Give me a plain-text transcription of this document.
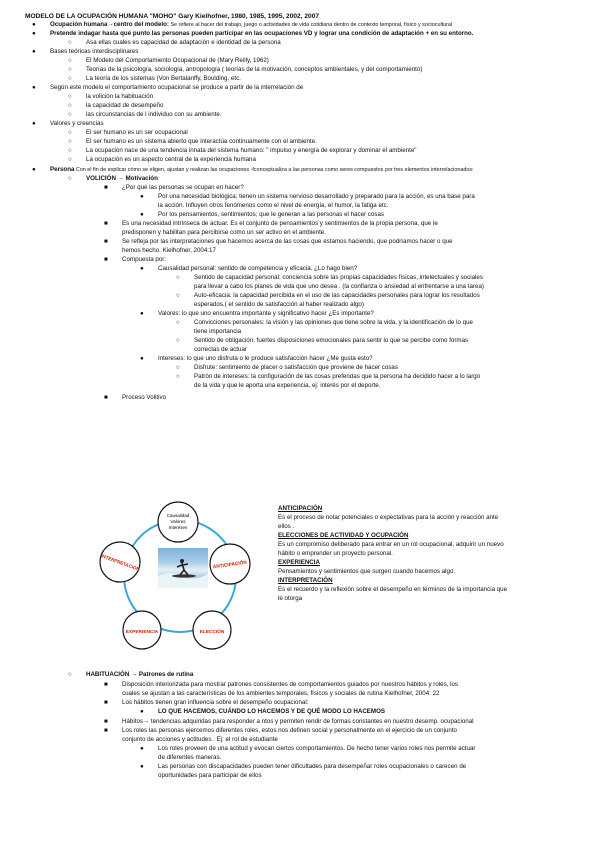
MODELO DE LA OCUPACIÓN HUMANA "MOHO" Gary Kielhofner, 1980, 1985, 1995, 2002, 2007
● Ocupación humana→centro del modelo: Se refiere al hacer del trabajo, juego o actividades de vida cotidiana dentro de contexto temporal, físico y sociocultural
● Pretende indagar hasta qué punto las personas pueden participar en las ocupaciones VD y lograr una condición de adaptación + en su entorno.
○ Asa ellas cuales es capacidad de adaptación e identidad de la persona
● Bases teóricas interdisciplinares
○ El Modelo del Comportamiento Ocupacional de (Mary Reilly, 1962)
○ Teorías de la psicología, sociología, antropología ( teorías de la motivación, conceptos ambientales, y del comportamiento)
○ La teoría de los sistemas (Von Bertalanffy, Boulding, etc.
● Según este modelo el comportamiento ocupacional se produce a partir de la interrelación de
○ la volición la habituación
○ la capacidad de desempeño
○ las circunstancias de l individuo con su ambiente.
● Valores y creencias
○ El ser humano es un ser ocupacional
○ El ser humano es un sistema abierto que interactúa continuamente con el ambiente.
○ La ocupación nace de una tendencia innata del sistema humano: " impulso y energía de explorar y dominar el ambiente"
○ La ocupación es un aspecto central de la experiencia humana
● Persona Con el fin de explicar cómo se eligen, ajustan y realizan las ocupaciones -fconceptualiza a las personas como seres compuestos por tres elementos interrelacionados:
○ VOLICIÓN → Motivación
■ ¿Por qué las personas se ocupan en hacer?
● Por una necesidad biológica; tienen un sistema nervioso desarrollado y preparado para la acción, es una base para
la acción. Influyen otros fenómenos como el nivel de energía, el humor, la fatiga etc.
● Por los pensamientos, sentimientos; que le generan a las personas el hacer cosas
■ Es una necesidad intrínseca de actuar. Es el conjunto de pensamientos y sentimientos de la propia persona, que le
predisponen y habilitan para percibirse como un ser activo en el ambiente.
■ Se refleja por las interpretaciones que hacemos acerca de las cosas que estamos haciendo, que podríamos hacer o que
hemos hecho. Kielhofner, 2004:17
■ Compuesta por:
● Causalidad personal: sentido de competencia y eficacia. ¿Lo hago bien?
○ Sentido de capacidad personal: conciencia sobre las propias capacidades físicas, intelectuales y sociales
para llevar a cabo los planes de vida que uno desea . (la confianza o ansiedad al enfrentarse a una tarea)
○ Auto-eficacia: la capacidad percibida en el uso de las capacidades personales para lograr los resultados
esperados.( el sentido de satisfacción al haber realizado algo)
● Valores: lo que uno encuentra importante y significativo hacer ¿Es importante?
○ Convicciones personales: la visión y las opiniones que tiene sobre la vida, y la identificación de lo que
tiene importancia
○ Sentido de obligación: fuertes disposiciones emocionales para sentir lo que se percibe como formas
correctas de actuar
● Intereses: lo que uno disfruta o le produce satisfacción hacer ¿Me gusta esto?
○ Disfrute: sentimiento de placer o satisfacción que proviene de hacer cosas
○ Patrón de intereses: la configuración de las cosas preferidas que la persona ha decidido hacer a lo largo
de la vida y que le aporta una experiencia, ej: interés por el deporte.
■ Proceso Volitivo
Causalidad
Valores
Intereses
ANTICIPACIÓN
ELECCIÓN
EXPERIENCIA
INTERPRETACIÓN
ANTICIPACIÓN
Es el proceso de notar potenciales o expectativas para la acción y reacción ante
ellos .
ELECCIONES DE ACTIVIDAD Y OCUPACIÓN
Es un compromiso deliberado para entrar en un rol ocupacional, adquirir un nuevo
hábito o emprender un proyecto personal.
EXPERIENCIA
Pensamientos y sentimientos que surgen cuando hacemos algo.
INTERPRETACIÓN
Es el recuerdo y la reflexión sobre el desempeño en términos de la importancia que
le otorga
○ HABITUACIÓN → Patrones de rutina
■ Disposición interiorizada para mostrar patrones consistentes de comportamientos guiados por nuestros hábitos y roles, los
cuales se ajustan a las características de los ambientes temporales, físicos y sociales de rutina Kielhofner, 2004: 22
■ Los hábitos tienen gran influencia sobre el desempeño ocupacional:
● LO QUE HACEMOS, CUÁNDO LO HACEMOS Y DE QUÉ MODO LO HACEMOS
■ Hábitos→ tendencias adquiridas para responder a ntos y permiten rendir de formas constantes en nuestro desemp. ocupacional
■ Los roles las personas ejercemos diferentes roles, estos nos definen social y personalmente en el ejercicio de un conjunto
conjunto de acciones y actitudes . Ej: el rol de estudiante
● Los roles proveen de una actitud y evocan ciertos comportamientos. De hecho tener varios roles nos permite actuar
de diferentes maneras.
● Las personas con discapacidades pueden tener dificultades para desempeñar roles ocupacionales o carecen de
oportunidades para participar de ellos
